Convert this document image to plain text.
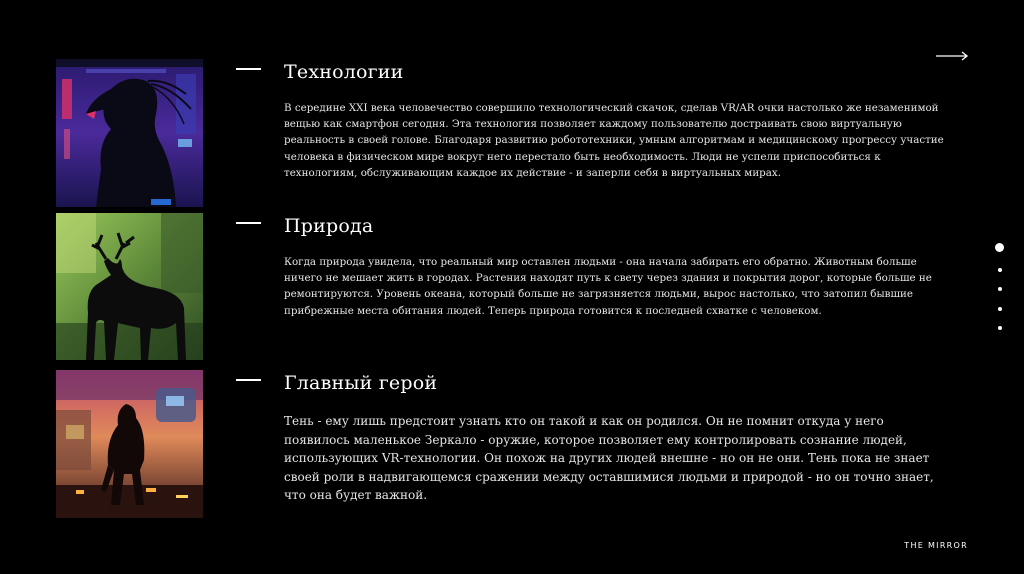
Технологии

В середине XXI века человечество совершило технологический скачок, сделав VR/AR очки настолько же незаменимой вещью как смартфон сегодня. Эта технология позволяет каждому пользователю достраивать свою виртуальную реальность в своей голове. Благодаря развитию робототехники, умным алгоритмам и медицинскому прогрессу участие человека в физическом мире вокруг него перестало быть необходимость. Люди не успели приспособиться к технологиям, обслуживающим каждое их действие - и заперли себя в виртуальных мирах.

Природа

Когда природа увидела, что реальный мир оставлен людьми - она начала забирать его обратно. Животным больше ничего не мешает жить в городах. Растения находят путь к свету через здания и покрытия дорог, которые больше не ремонтируются. Уровень океана, который больше не загрязняется людьми, вырос настолько, что затопил бывшие прибрежные места обитания людей. Теперь природа готовится к последней схватке с человеком.

Главный герой

Тень - ему лишь предстоит узнать кто он такой и как он родился. Он не помнит откуда у него появилось маленькое Зеркало - оружие, которое позволяет ему контролировать сознание людей, использующих VR-технологии. Он похож на других людей внешне - но он не они. Тень пока не знает своей роли в надвигающемся сражении между оставшимися людьми и природой - но он точно знает, что она будет важной.

THE MIRROR
